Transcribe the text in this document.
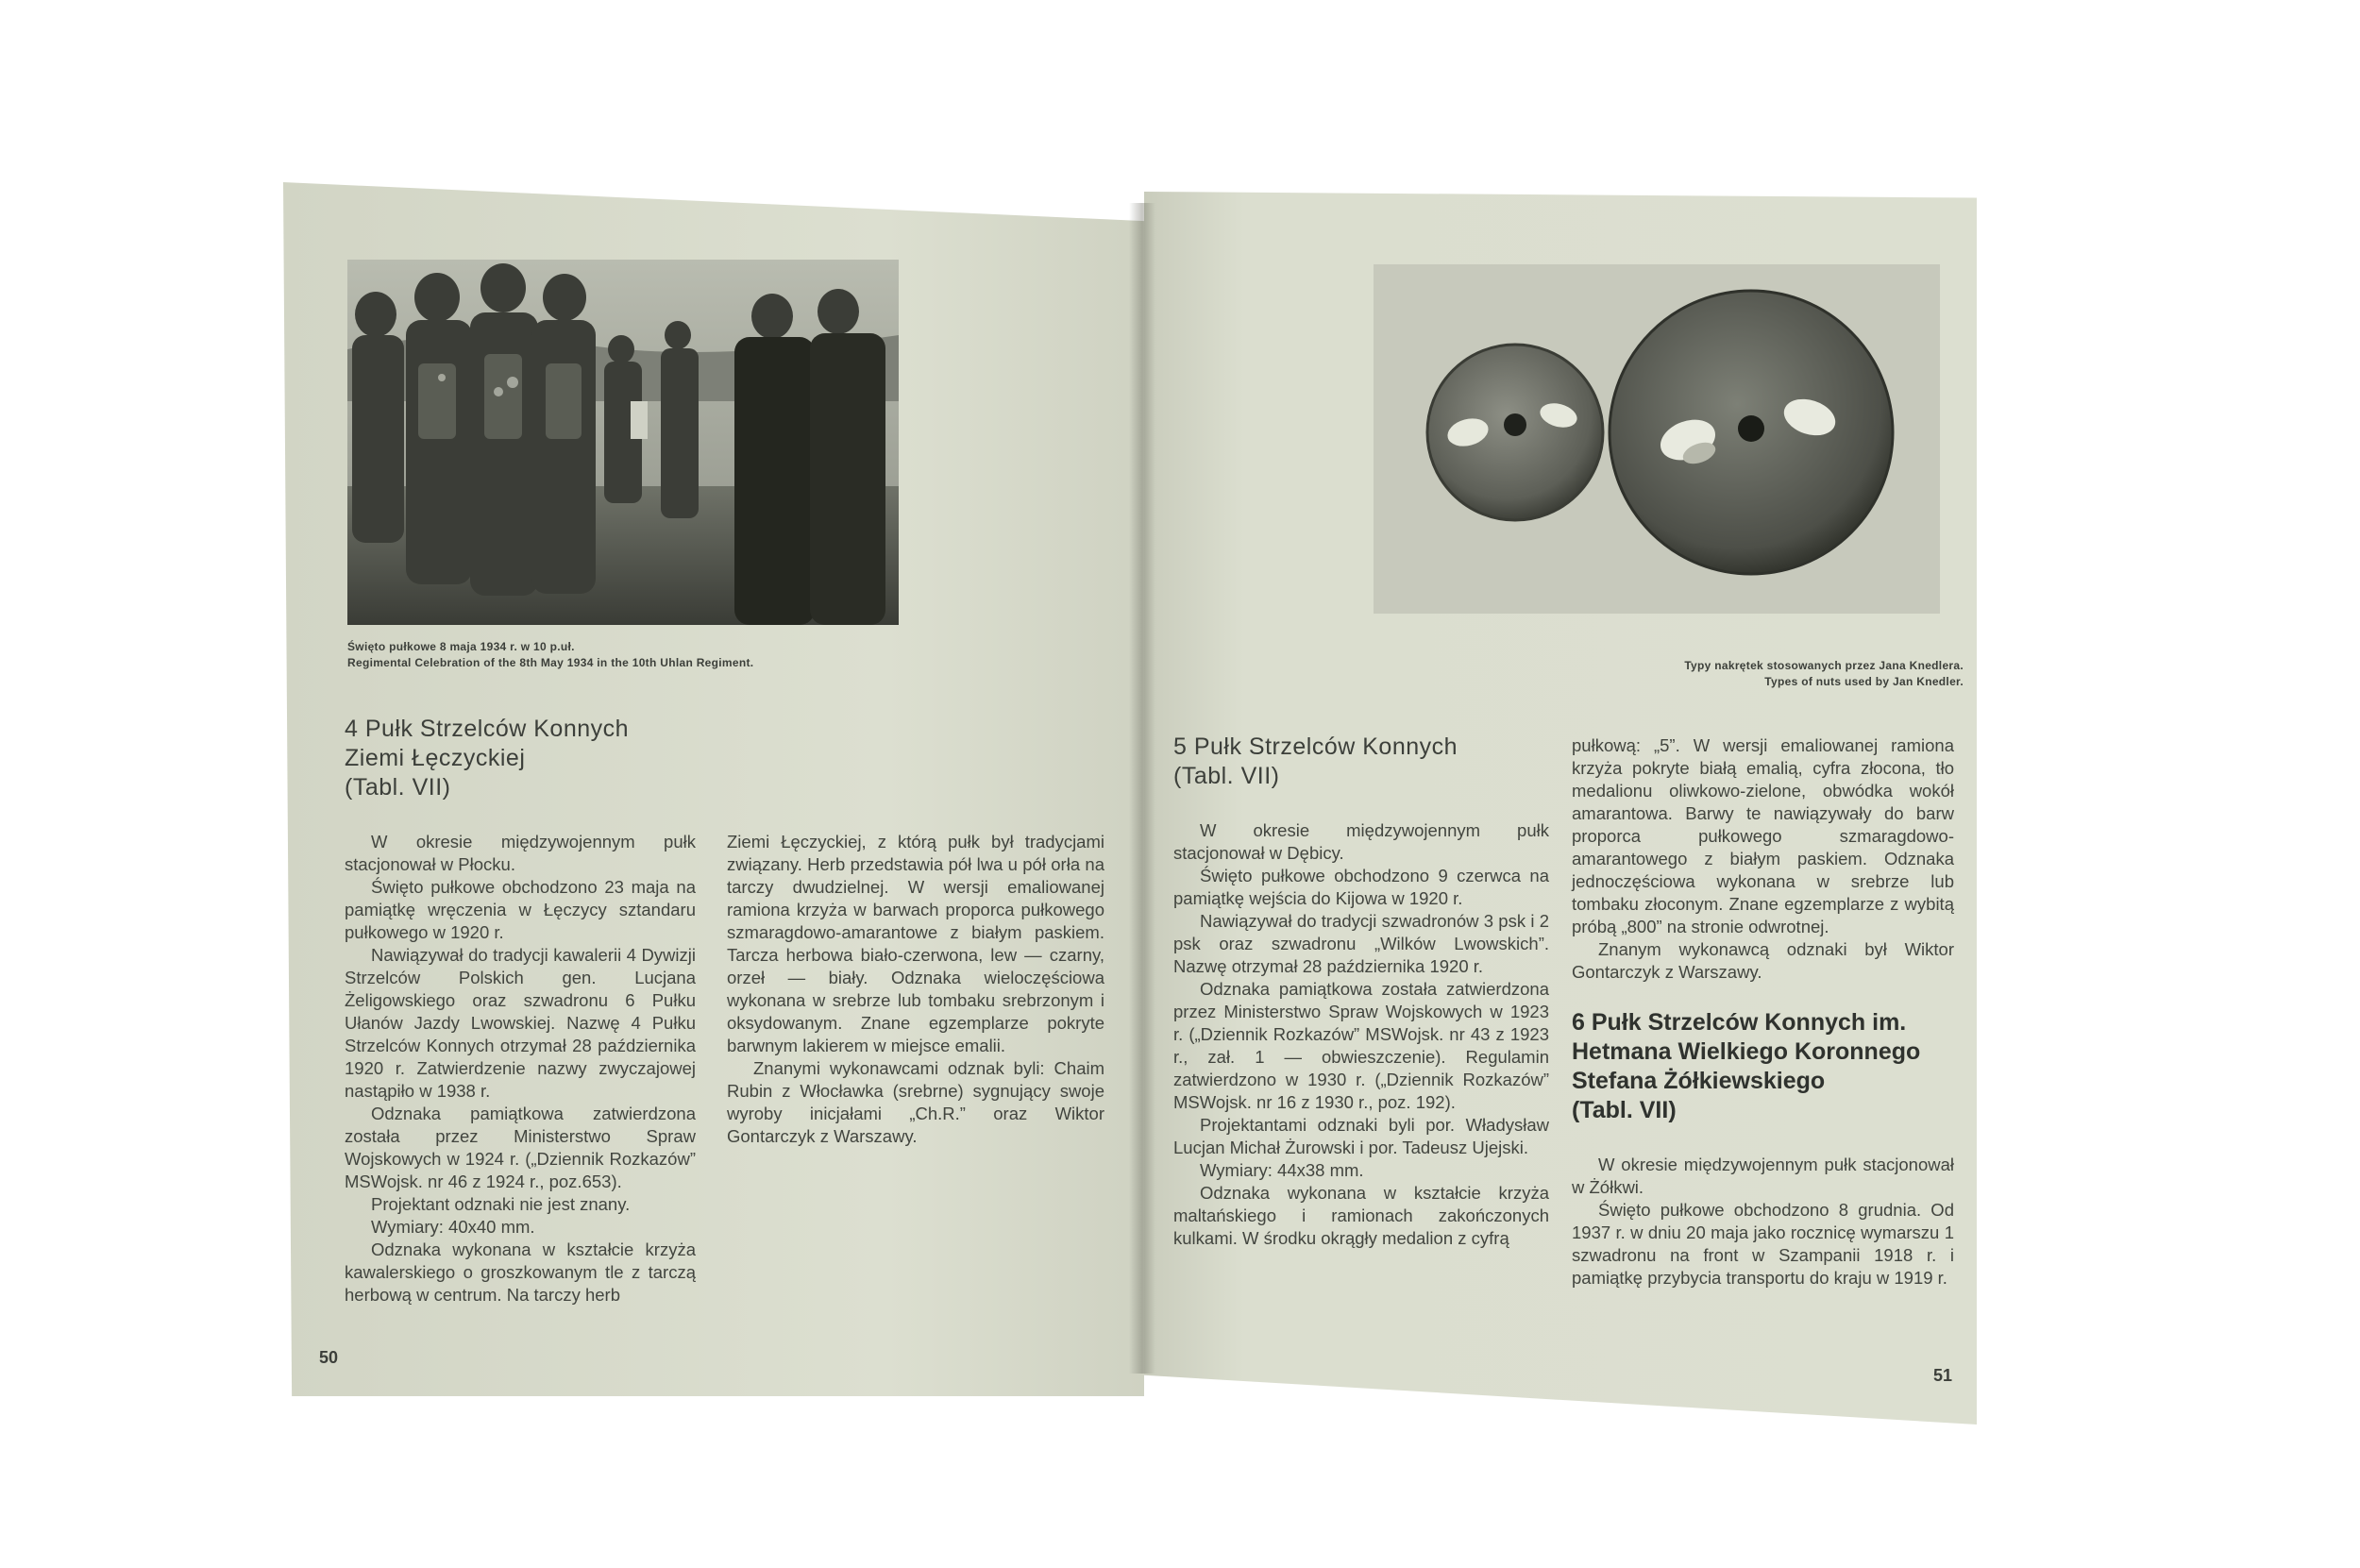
Święto pułkowe 8 maja 1934 r. w 10 p.uł.
Regimental Celebration of the 8th May 1934 in the 10th Uhlan Regiment.
4 Pułk Strzelców Konnych
Ziemi Łęczyckiej
(Tabl. VII)

W okresie międzywojennym pułk stacjonował w Płocku.

Święto pułkowe obchodzono 23 maja na pamiątkę wręczenia w Łęczycy sztandaru pułkowego w 1920 r.

Nawiązywał do tradycji kawalerii 4 Dywizji Strzelców Polskich gen. Lucjana Żeligowskiego oraz szwadronu 6 Pułku Ułanów Jazdy Lwowskiej. Nazwę 4 Pułku Strzelców Konnych otrzymał 28 października 1920 r. Zatwierdzenie nazwy zwyczajowej nastąpiło w 1938 r.

Odznaka pamiątkowa zatwierdzona została przez Ministerstwo Spraw Wojskowych w 1924 r. („Dziennik Rozkazów” MSWojsk. nr 46 z 1924 r., poz.653).

Projektant odznaki nie jest znany.

Wymiary: 40x40 mm.

Odznaka wykonana w kształcie krzyża kawalerskiego o groszkowanym tle z tarczą herbową w centrum. Na tarczy herb

Ziemi Łęczyckiej, z którą pułk był tradycjami związany. Herb przedstawia pół lwa u pół orła na tarczy dwudzielnej. W wersji emaliowanej ramiona krzyża w barwach proporca pułkowego szmaragdowo-amarantowe z białym paskiem. Tarcza herbowa biało-czerwona, lew — czarny, orzeł — biały. Odznaka wieloczęściowa wykonana w srebrze lub tombaku srebrzonym i oksydowanym. Znane egzemplarze pokryte barwnym lakierem w miejsce emalii.

Znanymi wykonawcami odznak byli: Chaim Rubin z Włocławka (srebrne) sygnujący swoje wyroby inicjałami „Ch.R.” oraz Wiktor Gontarczyk z Warszawy.

50
Typy nakrętek stosowanych przez Jana Knedlera.
Types of nuts used by Jan Knedler.
5 Pułk Strzelców Konnych
(Tabl. VII)

W okresie międzywojennym pułk stacjonował w Dębicy.

Święto pułkowe obchodzono 9 czerwca na pamiątkę wejścia do Kijowa w 1920 r.

Nawiązywał do tradycji szwadronów 3 psk i 2 psk oraz szwadronu „Wilków Lwowskich”. Nazwę otrzymał 28 października 1920 r.

Odznaka pamiątkowa została zatwierdzona przez Ministerstwo Spraw Wojskowych w 1923 r. („Dziennik Rozkazów” MSWojsk. nr 43 z 1923 r., zał. 1 — obwieszczenie). Regulamin zatwierdzono w 1930 r. („Dziennik Rozkazów” MSWojsk. nr 16 z 1930 r., poz. 192).

Projektantami odznaki byli por. Władysław Lucjan Michał Żurowski i por. Tadeusz Ujejski.

Wymiary: 44x38 mm.

Odznaka wykonana w kształcie krzyża maltańskiego i ramionach zakończonych kulkami. W środku okrągły medalion z cyfrą

pułkową: „5”. W wersji emaliowanej ramiona krzyża pokryte białą emalią, cyfra złocona, tło medalionu oliwkowo-zielone, obwódka wokół amarantowa. Barwy te nawiązywały do barw proporca pułkowego szmaragdowo-amarantowego z białym paskiem. Odznaka jednoczęściowa wykonana w srebrze lub tombaku złoconym. Znane egzemplarze z wybitą próbą „800” na stronie odwrotnej.

Znanym wykonawcą odznaki był Wiktor Gontarczyk z Warszawy.

6 Pułk Strzelców Konnych im.
Hetmana Wielkiego Koronnego
Stefana Żółkiewskiego
(Tabl. VII)

W okresie międzywojennym pułk stacjonował w Żółkwi.

Święto pułkowe obchodzono 8 grudnia. Od 1937 r. w dniu 20 maja jako rocznicę wymarszu 1 szwadronu na front w Szampanii 1918 r. i pamiątkę przybycia transportu do kraju w 1919 r.

51
